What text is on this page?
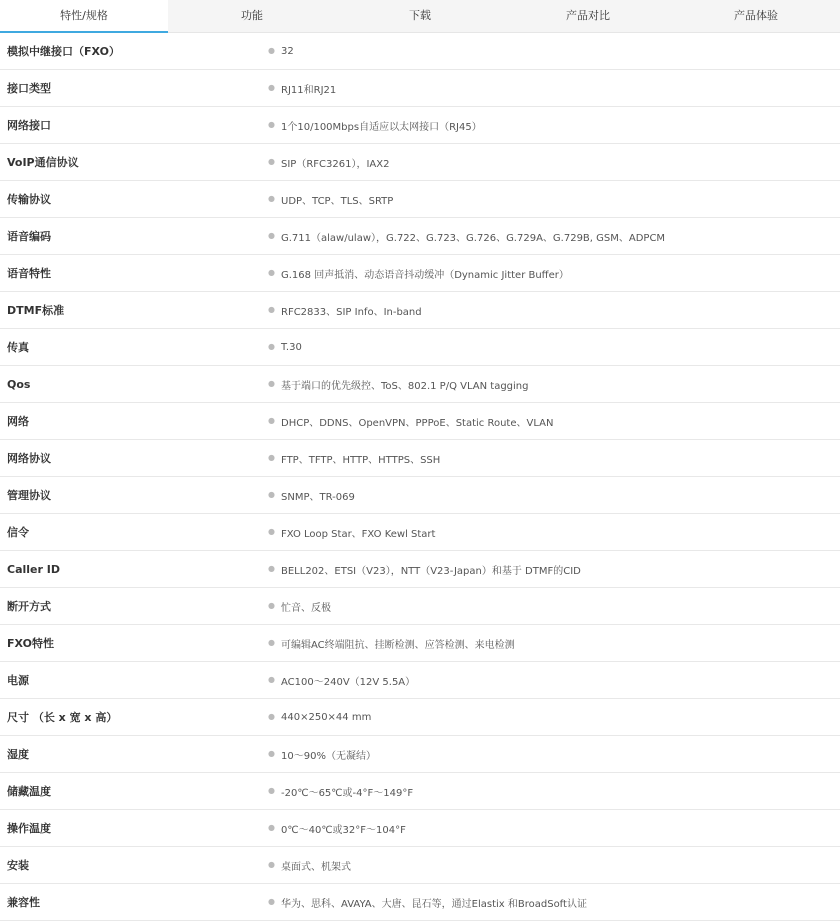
特性/规格	功能	下载	产品对比	产品体验
模拟中继接口（FXO）	● 32
接口类型	● RJ11和RJ21
网络接口	● 1个10/100Mbps自适应以太网接口（RJ45）
VoIP通信协议	● SIP（RFC3261），IAX2
传输协议	● UDP、TCP、TLS、SRTP
语音编码	● G.711（alaw/ulaw），G.722、G.723、G.726、G.729A、G.729B, GSM、ADPCM
语音特性	● G.168 回声抵消、动态语音抖动缓冲（Dynamic Jitter Buffer）
DTMF标准	● RFC2833、SIP Info、In-band
传真	● T.30
Qos	● 基于端口的优先级控、ToS、802.1 P/Q VLAN tagging
网络	● DHCP、DDNS、OpenVPN、PPPoE、Static Route、VLAN
网络协议	● FTP、TFTP、HTTP、HTTPS、SSH
管理协议	● SNMP、TR-069
信令	● FXO Loop Star、FXO Kewl Start
Caller ID	● BELL202、ETSI（V23），NTT（V23-Japan）和基于 DTMF的CID
断开方式	● 忙音、反极
FXO特性	● 可编辑AC终端阻抗、挂断检测、应答检测、来电检测
电源	● AC100～240V（12V 5.5A）
尺寸 （长 x 宽 x 高）	● 440×250×44 mm
湿度	● 10～90%（无凝结）
储藏温度	● -20℃～65℃或-4°F～149°F
操作温度	● 0℃～40℃或32°F～104°F
安装	● 桌面式、机架式
兼容性	● 华为、思科、AVAYA、大唐、昆石等，通过Elastix 和BroadSoft认证
